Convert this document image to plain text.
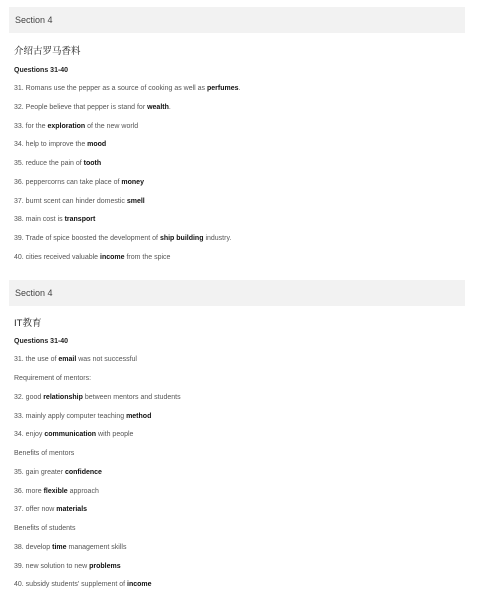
Section 4
介绍古罗马香料
Questions 31-40
31. Romans use the pepper as a source of cooking as well as perfumes.
32. People believe that pepper is stand for wealth.
33. for the exploration of the new world
34. help to improve the mood
35. reduce the pain of tooth
36. peppercorns can take place of money
37. burnt scent can hinder domestic smell
38. main cost is transport
39. Trade of spice boosted the development of ship building industry.
40. cities received valuable income from the spice
Section 4
IT教育
Questions 31-40
31. the use of email was not successful
Requirement of mentors:
32. good relationship between mentors and students
33. mainly apply computer teaching method
34. enjoy communication with people
Benefits of mentors
35. gain greater confidence
36. more flexible approach
37. offer now materials
Benefits of students
38. develop time management skills
39. new solution to new problems
40. subsidy students' supplement of income
